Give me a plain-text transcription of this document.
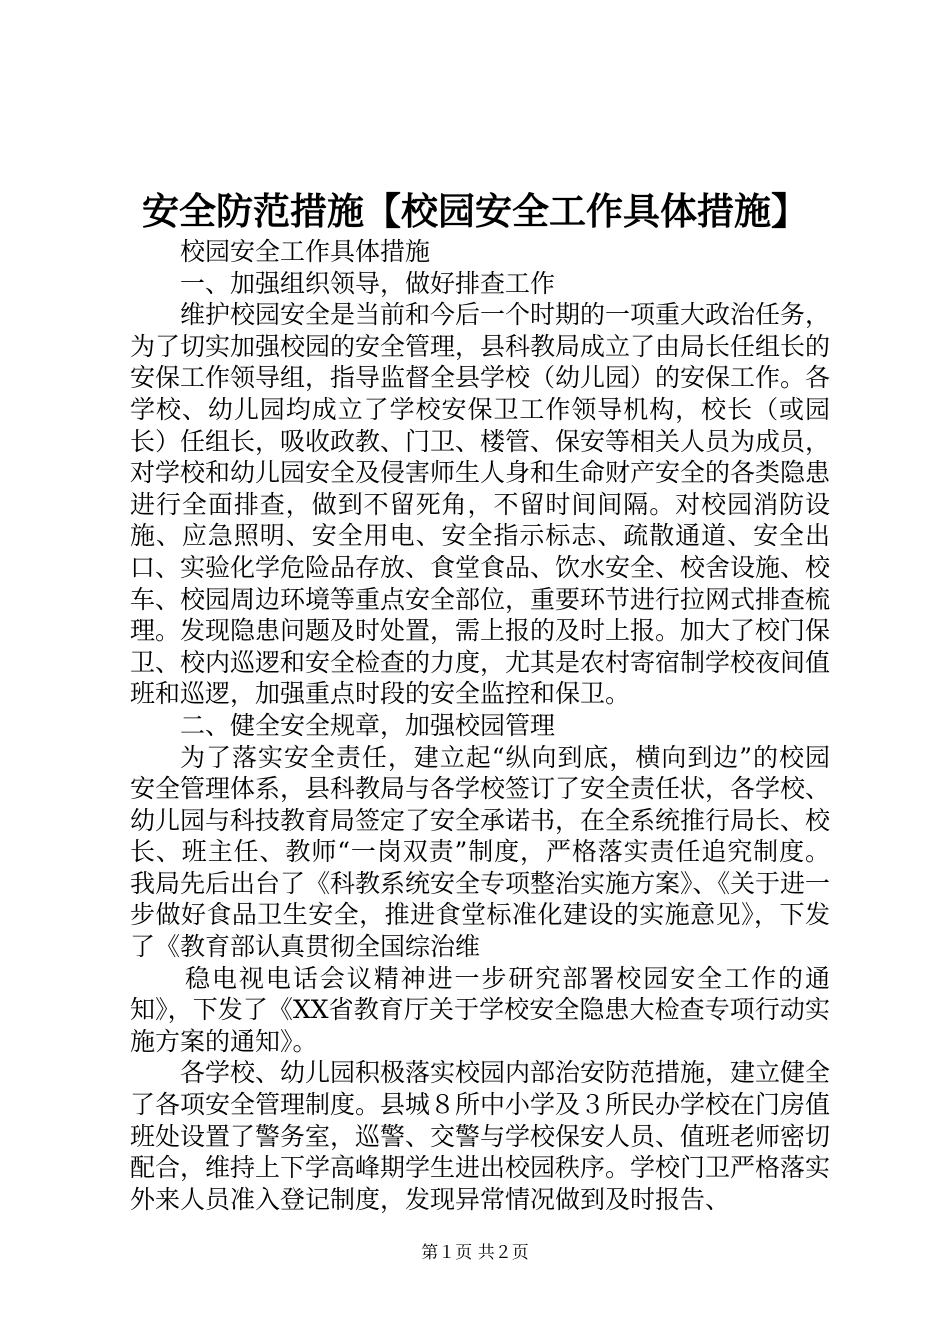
安全防范措施【校园安全工作具体措施】

校园安全工作具体措施

一、加强组织领导，做好排查工作

维护校园安全是当前和今后一个时期的一项重大政治任务，为了切实加强校园的安全管理，县科教局成立了由局长任组长的安保工作领导组，指导监督全县学校（幼儿园）的安保工作。各学校、幼儿园均成立了学校安保卫工作领导机构，校长（或园长）任组长，吸收政教、门卫、楼管、保安等相关人员为成员，对学校和幼儿园安全及侵害师生人身和生命财产安全的各类隐患进行全面排查，做到不留死角，不留时间间隔。对校园消防设施、应急照明、安全用电、安全指示标志、疏散通道、安全出口、实验化学危险品存放、食堂食品、饮水安全、校舍设施、校车、校园周边环境等重点安全部位，重要环节进行拉网式排查梳理。发现隐患问题及时处置，需上报的及时上报。加大了校门保卫、校内巡逻和安全检查的力度，尤其是农村寄宿制学校夜间值班和巡逻，加强重点时段的安全监控和保卫。

二、健全安全规章，加强校园管理

为了落实安全责任，建立起“纵向到底，横向到边”的校园安全管理体系，县科教局与各学校签订了安全责任状，各学校、幼儿园与科技教育局签定了安全承诺书，在全系统推行局长、校长、班主任、教师“一岗双责”制度，严格落实责任追究制度。我局先后出台了《科教系统安全专项整治实施方案》、《关于进一步做好食品卫生安全，推进食堂标准化建设的实施意见》，下发了《教育部认真贯彻全国综治维

稳电视电话会议精神进一步研究部署校园安全工作的通知》，下发了《XX省教育厅关于学校安全隐患大检查专项行动实施方案的通知》。

各学校、幼儿园积极落实校园内部治安防范措施，建立健全了各项安全管理制度。县城８所中小学及３所民办学校在门房值班处设置了警务室，巡警、交警与学校保安人员、值班老师密切配合，维持上下学高峰期学生进出校园秩序。学校门卫严格落实外来人员准入登记制度，发现异常情况做到及时报告、

第１页 共２页
